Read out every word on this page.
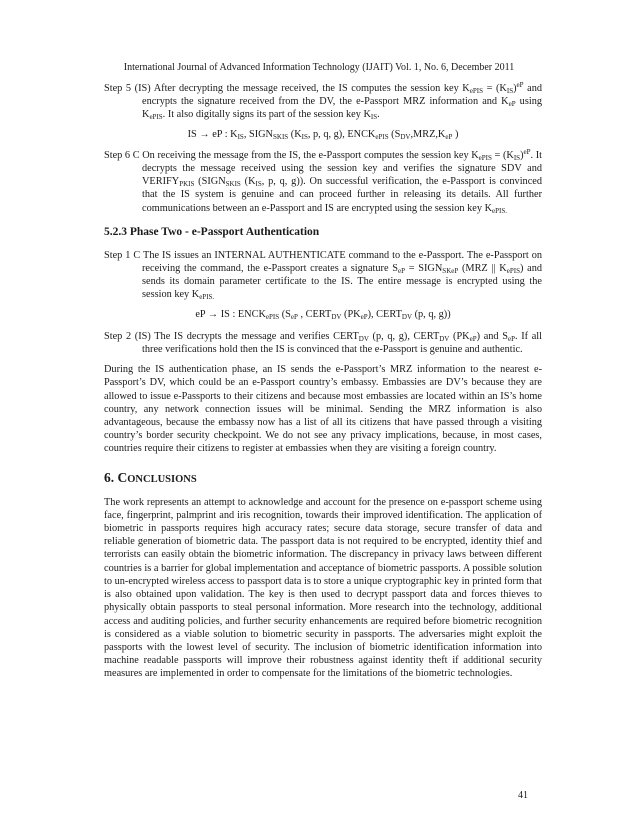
International Journal of Advanced Information Technology (IJAIT) Vol. 1, No. 6, December 2011

Step 5 (IS) After decrypting the message received, the IS computes the session key $K_{ePIS} = (K_{IS})^{eP}$ and encrypts the signature received from the DV, the e-Passport MRZ information and $K_{eP}$ using $K_{ePIS}$. It also digitally signs its part of the session key $K_{IS}$.

IS → eP : $K_{IS}$, $SIGN_{SKIS}$ ($K_{IS}$, p, q, g), $ENCK_{ePIS}$ ($S_{DV},MRZ,K_{eP}$ )

Step 6 C On receiving the message from the IS, the e-Passport computes the session key $K_{ePIS} = (K_{IS})^{eP}$. It decrypts the message received using the session key and verifies the signature SDV and $VERIFY_{PKIS}$ ($SIGN_{SKIS}$ ($K_{IS}$, p, q, g)). On successful verification, the e-Passport is convinced that the IS system is genuine and can proceed further in releasing its details. All further communications between an e-Passport and IS are encrypted using the session key $K_{ePIS.}$

5.2.3 Phase Two - e-Passport Authentication

Step 1 C The IS issues an INTERNAL AUTHENTICATE command to the e-Passport. The e-Passport on receiving the command, the e-Passport creates a signature $S_{eP}$ = $SIGN_{SKeP}$ (MRZ || $K_{ePIS}$) and sends its domain parameter certificate to the IS. The entire message is encrypted using the session key $K_{ePIS.}$

eP → IS : $ENCK_{ePIS}$ ($S_{eP}$ , $CERT_{DV}$ $(PK_{eP})$, $CERT_{DV}$ (p, q, g))

Step 2 (IS) The IS decrypts the message and verifies $CERT_{DV}$ (p, q, g), $CERT_{DV}$ $(PK_{eP})$ and $S_{eP}$. If all three verifications hold then the IS is convinced that the e-Passport is genuine and authentic.

During the IS authentication phase, an IS sends the e-Passport’s MRZ information to the nearest e-Passport’s DV, which could be an e-Passport country’s embassy. Embassies are DV’s because they are allowed to issue e-Passports to their citizens and because most embassies are located within an IS’s home country, any network connection issues will be minimal. Sending the MRZ information is also advantageous, because the embassy now has a list of all its citizens that have passed through a visiting country’s border security checkpoint. We do not see any privacy implications, because, in most cases, countries require their citizens to register at embassies when they are visiting a foreign country.

6. CONCLUSIONS

The work represents an attempt to acknowledge and account for the presence on e-passport scheme using face, fingerprint, palmprint and iris recognition, towards their improved identification. The application of biometric in passports requires high accuracy rates; secure data storage, secure transfer of data and reliable generation of biometric data. The passport data is not required to be encrypted, identity thief and terrorists can easily obtain the biometric information. The discrepancy in privacy laws between different countries is a barrier for global implementation and acceptance of biometric passports. A possible solution to un-encrypted wireless access to passport data is to store a unique cryptographic key in printed form that is also obtained upon validation. The key is then used to decrypt passport data and forces thieves to physically obtain passports to steal personal information. More research into the technology, additional access and auditing policies, and further security enhancements are required before biometric recognition is considered as a viable solution to biometric security in passports. The adversaries might exploit the passports with the lowest level of security. The inclusion of biometric identification information into machine readable passports will improve their robustness against identity theft if additional security measures are implemented in order to compensate for the limitations of the biometric technologies.

41
